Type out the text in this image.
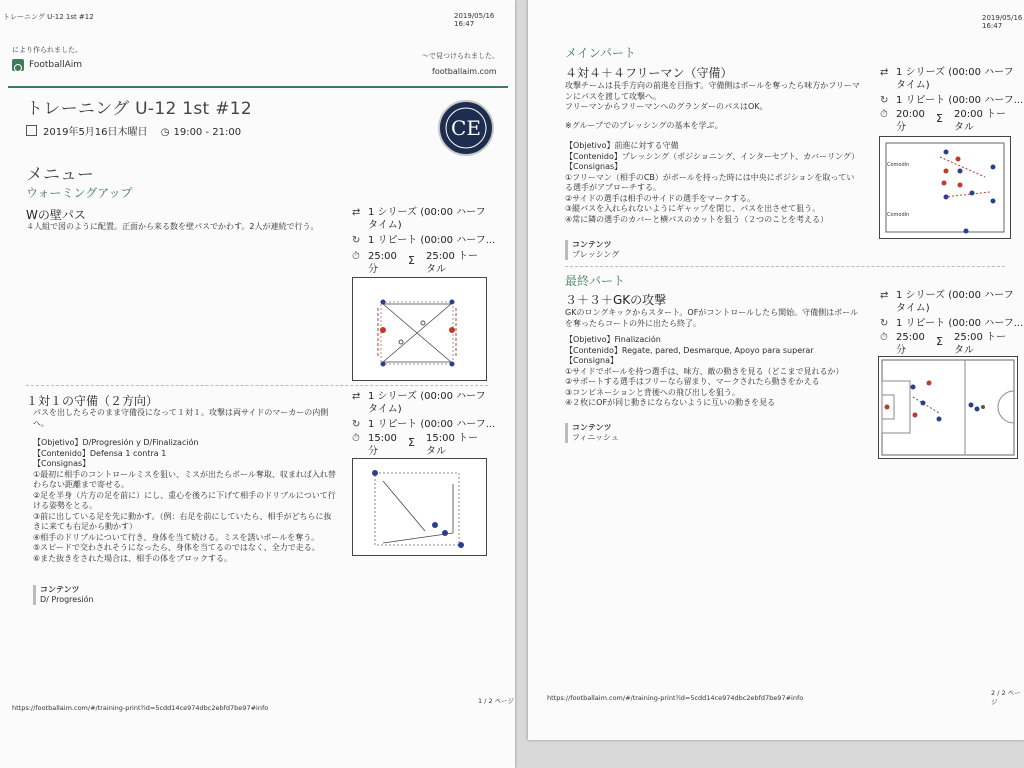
トレーニング U-12 1st #12	2019/05/16 16:47
により作られました。
FootballAim
〜で見つけられました。
footballaim.com
トレーニング U-12 1st #12
2019年5月16日木曜日 ◷ 19:00 - 21:00	CE
メニュー
ウォーミングアップ
Wの壁パス
４人組で図のように配置。正面から来る数を壁パスでかわす。2人が連続で行う。
⇄ 1 シリーズ (00:00 ハーフタイム)
↻ 1 リピート (00:00 ハーフ...
⏱ 25:00 分
Σ 25:00 トータル
１対１の守備（２方向）
パスを出したらそのまま守備役になって１対１。攻撃は両サイドのマーカーの内側へ。
【Objetivo】D/Progresión y D/Finalización
【Contenido】Defensa 1 contra 1
【Consignas】
①最初に相手のコントロールミスを狙い、ミスが出たらボール奪取、収まれば入れ替わらない距離まで寄せる。
②足を半身（片方の足を前に）にし、重心を後ろに下げて相手のドリブルについて行ける姿勢をとる。
③前に出している足を先に動かす。（例：右足を前にしていたら、相手がどちらに抜きに来ても右足から動かす）
④相手のドリブルについて行き、身体を当て続ける。ミスを誘いボールを奪う。
⑤スピードで交わされそうになったら、身体を当てるのではなく、全力で走る。
⑥また抜きをされた場合は、相手の体をブロックする。
⇄ 1 シリーズ (00:00 ハーフタイム)
↻ 1 リピート (00:00 ハーフ...
⏱ 15:00 分
Σ 15:00 トータル
コンテンツ
D/ Progresión
https://footballaim.com/#/training-print?id=5cdd14ce974dbc2ebfd7be97#info
1 / 2 ページ
2019/05/16 16:47
メインパート
４対４＋４フリーマン（守備）
攻撃チームは長手方向の前進を目指す。守備側はボールを奪ったら味方かフリーマンにパスを渡して攻撃へ。
フリーマンからフリーマンへのグランダーのパスはOK。
※グループでのプレッシングの基本を学ぶ。
【Objetivo】前進に対する守備
【Contenido】プレッシング（ポジショニング、インターセプト、カバーリング）
【Consignas】
①フリーマン（相手のCB）がボールを持った時には中央にポジションを取っている選手がアプローチする。
②サイドの選手は相手のサイドの選手をマークする。
③縦パスを入れられないようにギャップを閉じ、パスを出させて狙う。
④常に隣の選手のカバーと横パスのカットを狙う（２つのことを考える）
コンテンツ
プレッシング
⇄ 1 シリーズ (00:00 ハーフタイム)
↻ 1 リピート (00:00 ハーフ...
⏱ 20:00 分
Σ 20:00 トータル
Comodín
Comodín
最終パート
３＋３＋GKの攻撃
GKのロングキックからスタート。OFがコントロールしたら開始。守備側はボールを奪ったらコートの外に出たら終了。
【Objetivo】Finalización
【Contenido】Regate, pared, Desmarque, Apoyo para superar
【Consigna】
①サイドでボールを持つ選手は、味方、敵の動きを見る（どこまで見れるか）
②サポートする選手はフリーなら留まり、マークされたら動きをかえる
③コンビネーションと背後への飛び出しを狙う。
④２枚にOFが同じ動きにならないように互いの動きを見る
コンテンツ
フィニッシュ
⇄ 1 シリーズ (00:00 ハーフタイム)
↻ 1 リピート (00:00 ハーフ...
⏱ 25:00 分
Σ 25:00 トータル
https://footballaim.com/#/training-print?id=5cdd14ce974dbc2ebfd7be97#info
2 / 2 ページ
